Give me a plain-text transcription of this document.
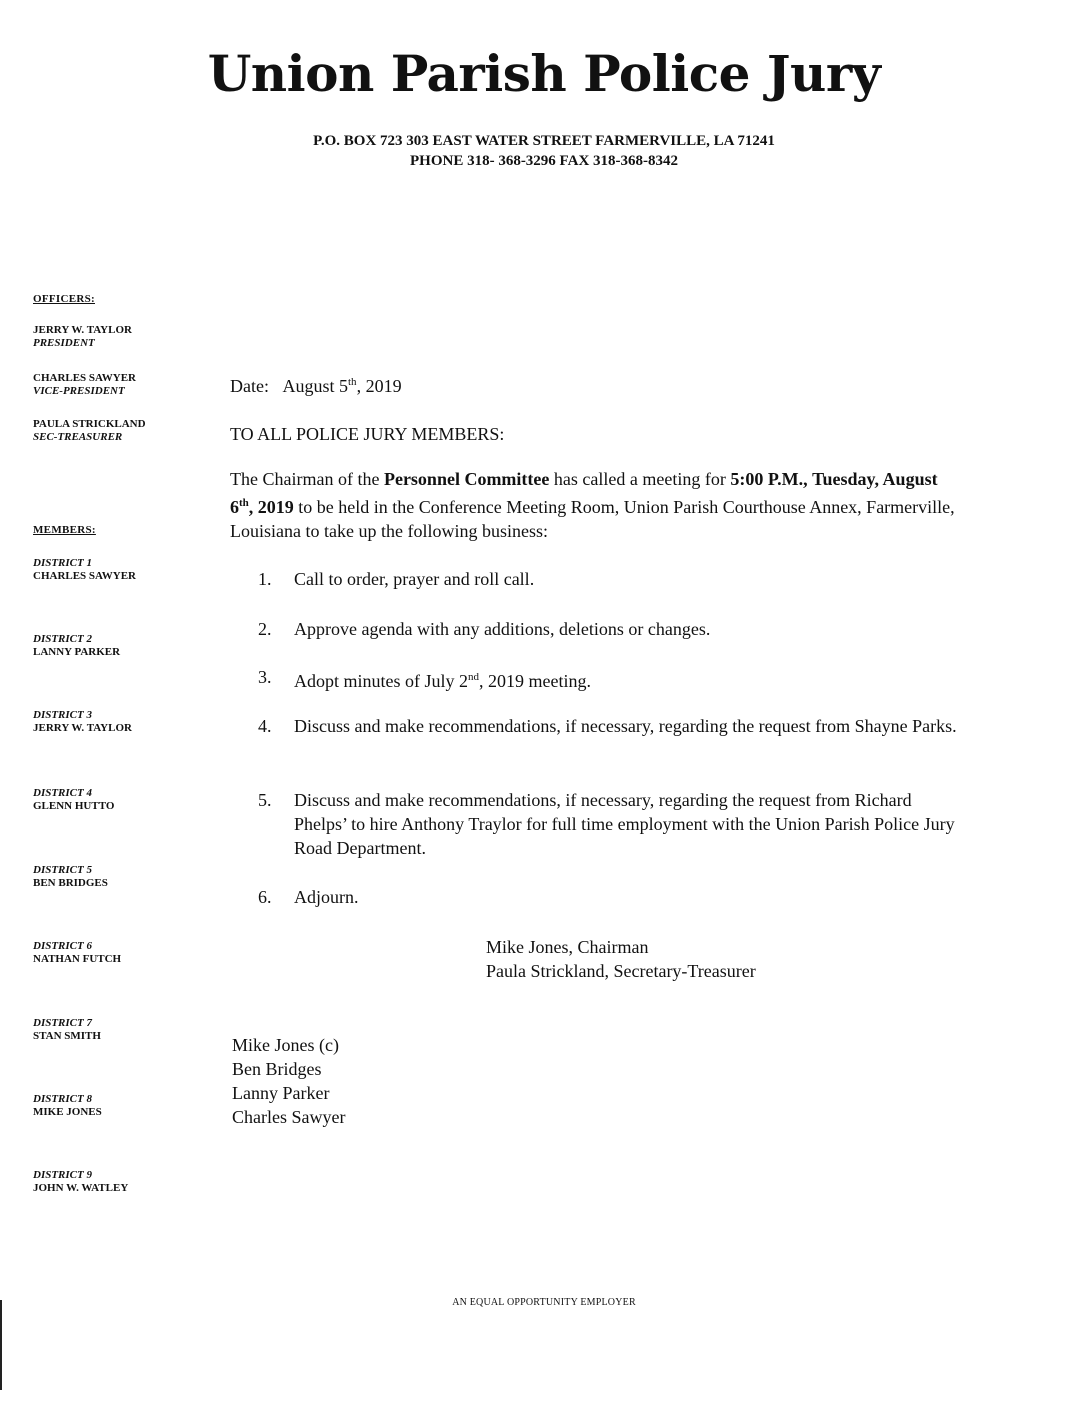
Union Parish Police Jury
P.O. BOX 723 303 EAST WATER STREET FARMERVILLE, LA 71241
PHONE 318- 368-3296 FAX 318-368-8342
OFFICERS:
JERRY W. TAYLOR
PRESIDENT
CHARLES SAWYER
VICE-PRESIDENT
PAULA STRICKLAND
SEC-TREASURER
MEMBERS:
DISTRICT 1
CHARLES SAWYER
DISTRICT 2
LANNY PARKER
DISTRICT 3
JERRY W. TAYLOR
DISTRICT 4
GLENN HUTTO
DISTRICT 5
BEN BRIDGES
DISTRICT 6
NATHAN FUTCH
DISTRICT 7
STAN SMITH
DISTRICT 8
MIKE JONES
DISTRICT 9
JOHN W. WATLEY
Date: August 5th, 2019
TO ALL POLICE JURY MEMBERS:
The Chairman of the Personnel Committee has called a meeting for 5:00 P.M., Tuesday, August 6th, 2019 to be held in the Conference Meeting Room, Union Parish Courthouse Annex, Farmerville, Louisiana to take up the following business:
1.	Call to order, prayer and roll call.
2.	Approve agenda with any additions, deletions or changes.
3.	Adopt minutes of July 2nd, 2019 meeting.
4.	Discuss and make recommendations, if necessary, regarding the request from Shayne Parks.
5.	Discuss and make recommendations, if necessary, regarding the request from Richard Phelps’ to hire Anthony Traylor for full time employment with the Union Parish Police Jury Road Department.
6.	Adjourn.
Mike Jones, Chairman
Paula Strickland, Secretary-Treasurer
Mike Jones (c)
Ben Bridges
Lanny Parker
Charles Sawyer
AN EQUAL OPPORTUNITY EMPLOYER
